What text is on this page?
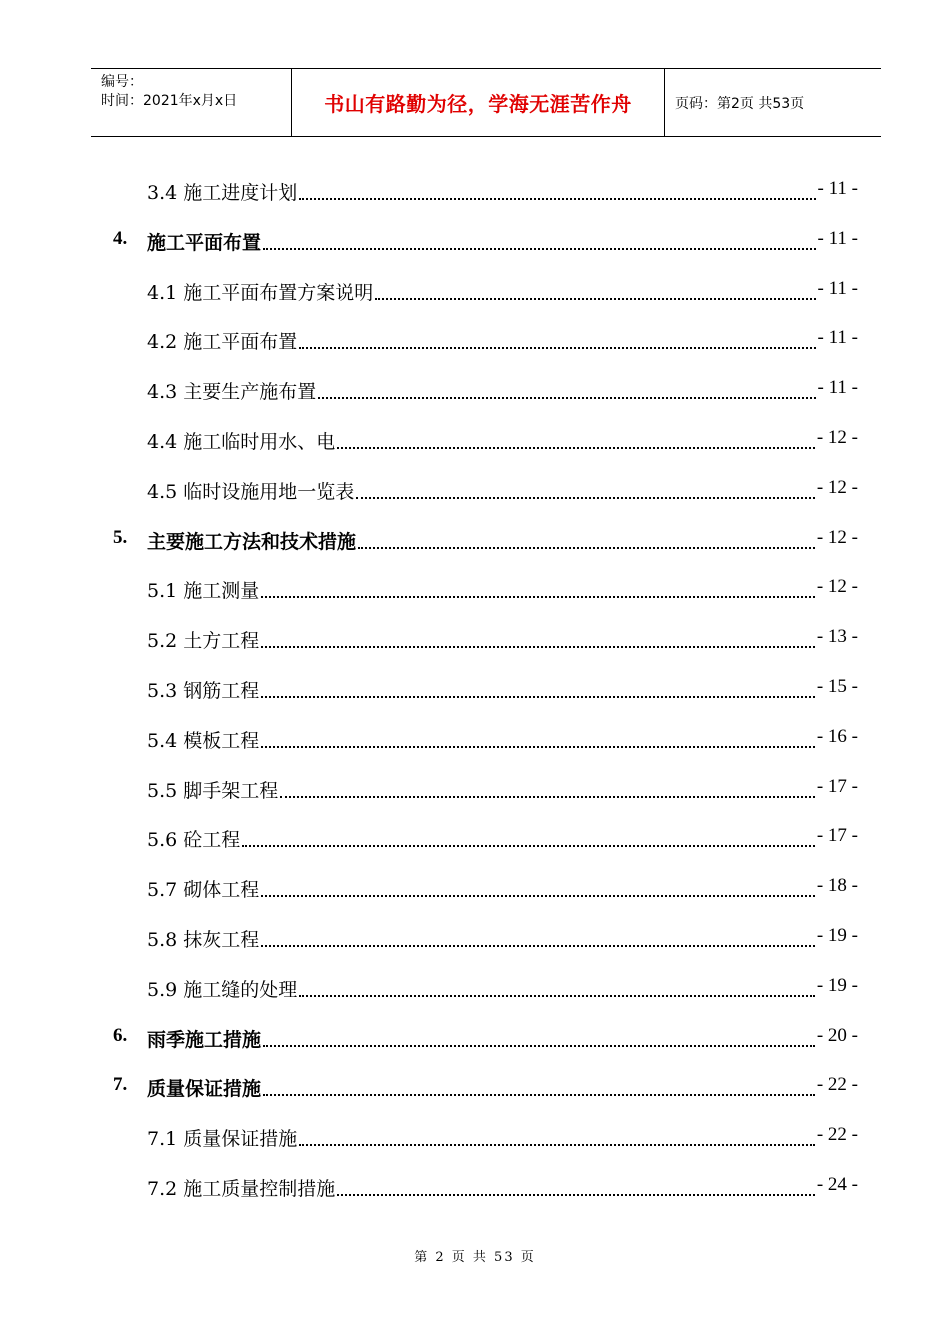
编号：
时间：2021年x月x日	书山有路勤为径，学海无涯苦作舟	页码：第2页 共53页
3.4 施工进度计划	- 11 -
4. 施工平面布置	- 11 -
4.1 施工平面布置方案说明	- 11 -
4.2 施工平面布置	- 11 -
4.3 主要生产施布置	- 11 -
4.4 施工临时用水、电	- 12 -
4.5 临时设施用地一览表	- 12 -
5. 主要施工方法和技术措施	- 12 -
5.1 施工测量	- 12 -
5.2 土方工程	- 13 -
5.3 钢筋工程	- 15 -
5.4 模板工程	- 16 -
5.5 脚手架工程	- 17 -
5.6 砼工程	- 17 -
5.7 砌体工程	- 18 -
5.8 抹灰工程	- 19 -
5.9 施工缝的处理	- 19 -
6. 雨季施工措施	- 20 -
7. 质量保证措施	- 22 -
7.1 质量保证措施	- 22 -
7.2 施工质量控制措施	- 24 -
第 2 页 共 53 页
